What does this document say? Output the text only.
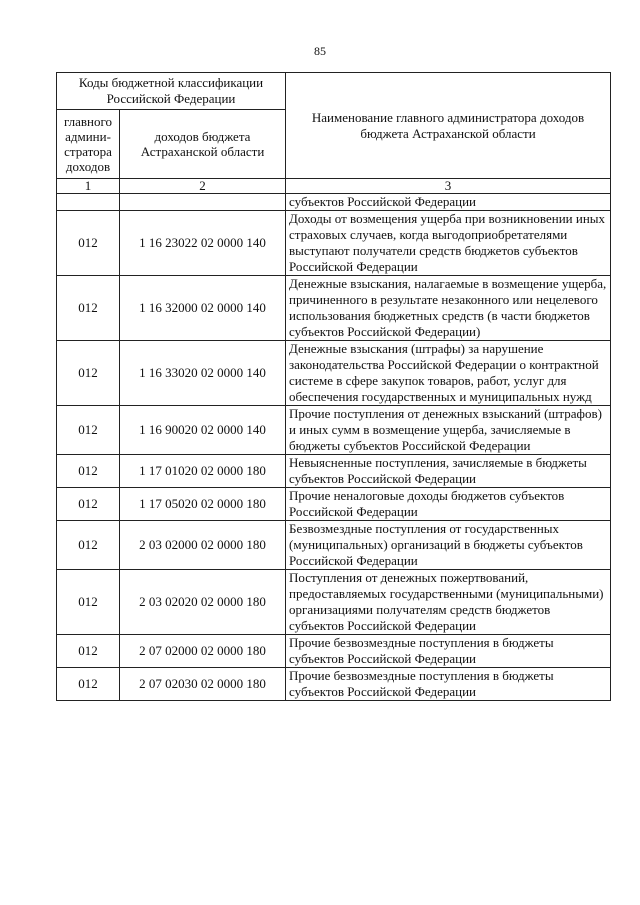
85
Коды бюджетной классификации Российской Федерации		Наименование главного администратора доходов бюджета Астраханской области
главного админи-стратора доходов	доходов бюджета Астраханской области	
1	2	3
		субъектов Российской Федерации
012	1 16 23022 02 0000 140	Доходы от возмещения ущерба при возникновении иных страховых случаев, когда выгодоприобретателями выступают получатели средств бюджетов субъектов Российской Федерации
012	1 16 32000 02 0000 140	Денежные взыскания, налагаемые в возмещение ущерба, причиненного в результате незаконного или нецелевого использования бюджетных средств (в части бюджетов субъектов Российской Федерации)
012	1 16 33020 02 0000 140	Денежные взыскания (штрафы) за нарушение законодательства Российской Федерации о контрактной системе в сфере закупок товаров, работ, услуг для обеспечения государственных и муниципальных нужд
012	1 16 90020 02 0000 140	Прочие поступления от денежных взысканий (штрафов) и иных сумм в возмещение ущерба, зачисляемые в бюджеты субъектов Российской Федерации
012	1 17 01020 02 0000 180	Невыясненные поступления, зачисляемые в бюджеты субъектов Российской Федерации
012	1 17 05020 02 0000 180	Прочие неналоговые доходы бюджетов субъектов Российской Федерации
012	2 03 02000 02 0000 180	Безвозмездные поступления от государственных (муниципальных) организаций в бюджеты субъектов Российской Федерации
012	2 03 02020 02 0000 180	Поступления от денежных пожертвований, предоставляемых государственными (муниципальными) организациями получателям средств бюджетов субъектов Российской Федерации
012	2 07 02000 02 0000 180	Прочие безвозмездные поступления в бюджеты субъектов Российской Федерации
012	2 07 02030 02 0000 180	Прочие безвозмездные поступления в бюджеты субъектов Российской Федерации
